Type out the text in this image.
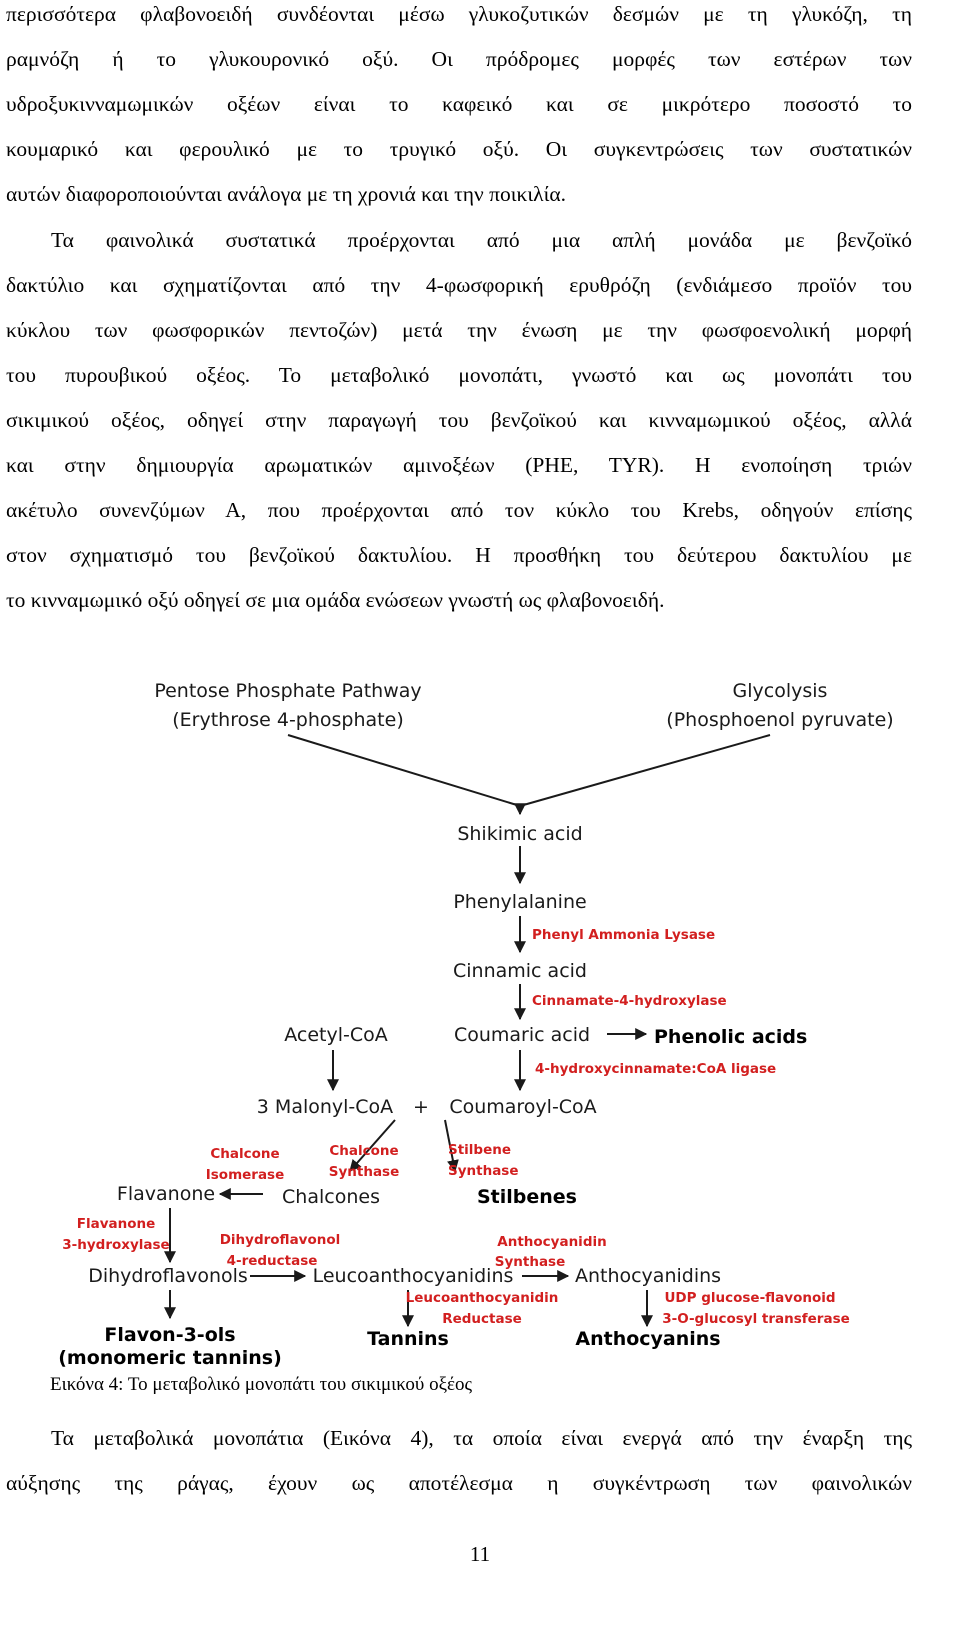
περισσότερα φλαβονοειδή συνδέονται μέσω γλυκοζυτικών δεσμών με τη γλυκόζη, τη
ραμνόζη ή το γλυκουρονικό οξύ. Οι πρόδρομες μορφές των εστέρων των
υδροξυκινναμωμικών οξέων είναι το καφεικό και σε μικρότερο ποσοστό το
κουμαρικό και φερουλικό με το τρυγικό οξύ. Οι συγκεντρώσεις των συστατικών
αυτών διαφοροποιούνται ανάλογα με τη χρονιά και την ποικιλία.
Τα φαινολικά συστατικά προέρχονται από μια απλή μονάδα με βενζοϊκό
δακτύλιο και σχηματίζονται από την 4-φωσφορική ερυθρόζη (ενδιάμεσο προϊόν του
κύκλου των φωσφορικών πεντοζών) μετά την ένωση με την φωσφοενολική μορφή
του πυρουβικού οξέος. Το μεταβολικό μονοπάτι, γνωστό και ως μονοπάτι του
σικιμικού οξέος, οδηγεί στην παραγωγή του βενζοϊκού και κινναμωμικού οξέος, αλλά
και στην δημιουργία αρωματικών αμινοξέων (PHE, TYR). Η ενοποίηση τριών
ακέτυλο συνενζύμων Α, που προέρχονται από τον κύκλο του Krebs, οδηγούν επίσης
στον σχηματισμό του βενζοϊκού δακτυλίου. Η προσθήκη του δεύτερου δακτυλίου με
το κινναμωμικό οξύ οδηγεί σε μια ομάδα ενώσεων γνωστή ως φλαβονοειδή.
Pentose Phosphate Pathway
(Erythrose 4-phosphate)
Glycolysis
(Phosphoenol pyruvate)
Shikimic acid
Phenylalanine
Phenyl Ammonia Lysase
Cinnamic acid
Cinnamate-4-hydroxylase
Coumaric acid	Phenolic acids
4-hydroxycinnamate:CoA ligase
Acetyl-CoA
3 Malonyl-CoA + Coumaroyl-CoA
Chalcone
Isomerase
Chalcone
Synthase
Stilbene
Synthase
Flavanone	Chalcones	Stilbenes
Flavanone
3-hydroxylase	Dihydroflavonol
4-reductase
Anthocyanidin
Synthase
Dihydroflavonols	Leucoanthocyanidins	Anthocyanidins
Leucoanthocyanidin
Reductase
UDP glucose-flavonoid
3-O-glucosyl transferase
Flavon-3-ols
(monomeric tannins)
Tannins	Anthocyanins
Εικόνα 4: Το μεταβολικό μονοπάτι του σικιμικού οξέος
Τα μεταβολικά μονοπάτια (Εικόνα 4), τα οποία είναι ενεργά από την έναρξη της
αύξησης της ράγας, έχουν ως αποτέλεσμα η συγκέντρωση των φαινολικών
11
